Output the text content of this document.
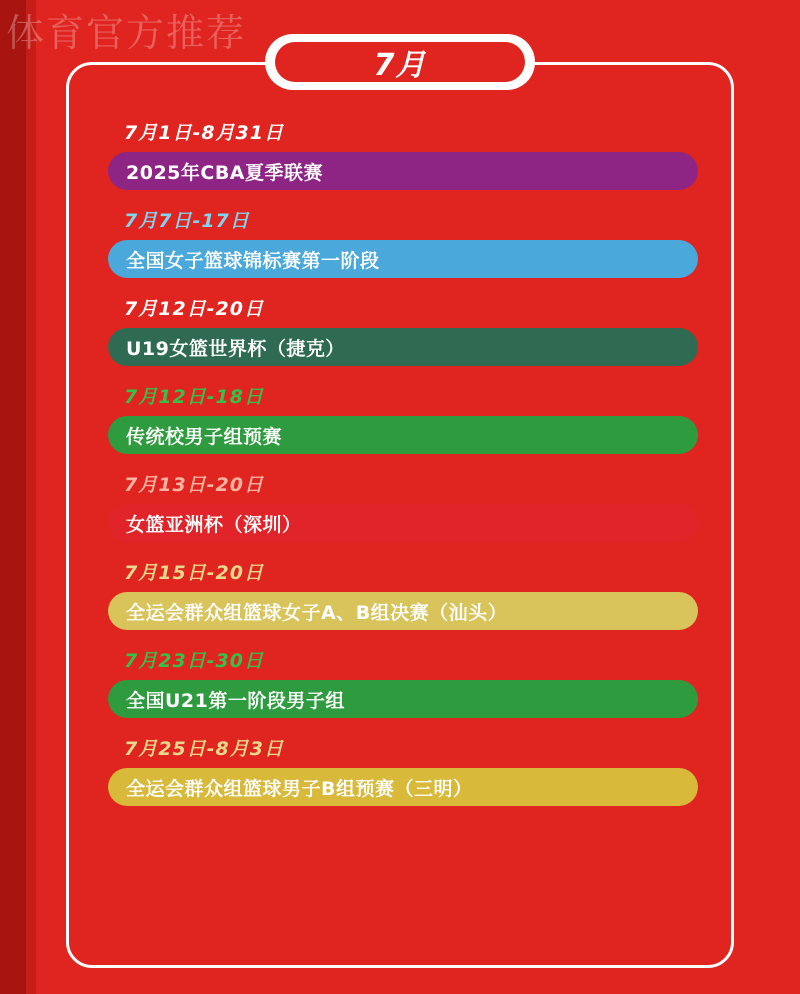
体育官方推荐
7月
7月1日-8月31日
2025年CBA夏季联赛
7月7日-17日
全国女子篮球锦标赛第一阶段
7月12日-20日
U19女篮世界杯（捷克）
7月12日-18日
传统校男子组预赛
7月13日-20日
女篮亚洲杯（深圳）
7月15日-20日
全运会群众组篮球女子A、B组决赛（汕头）
7月23日-30日
全国U21第一阶段男子组
7月25日-8月3日
全运会群众组篮球男子B组预赛（三明）
